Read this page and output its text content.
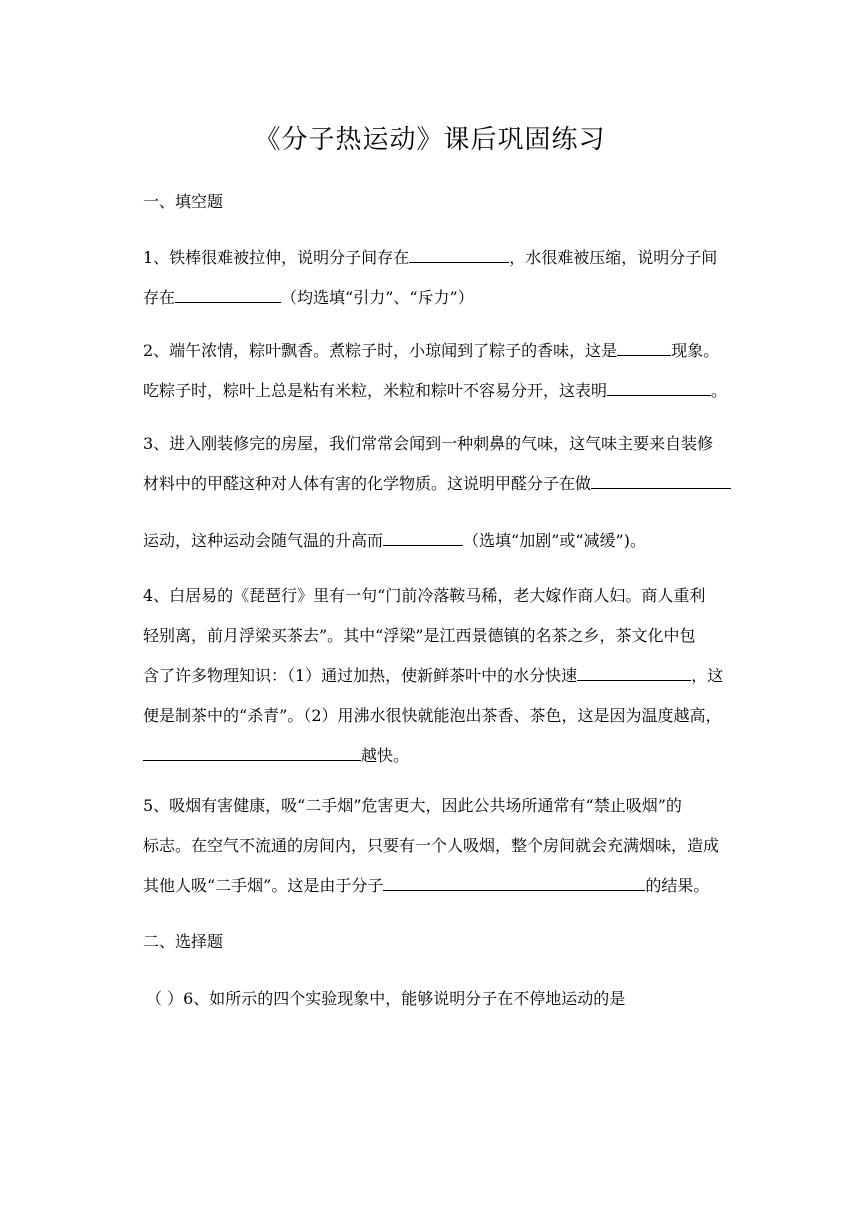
《分子热运动》课后巩固练习
一、填空题
1、铁棒很难被拉伸，说明分子间存在	，水很难被压缩，说明分子间
存在	（均选填“引力”、“斥力”）
2、端午浓情，粽叶飘香。煮粽子时，小琼闻到了粽子的香味，这是	现象。
吃粽子时，粽叶上总是粘有米粒，米粒和粽叶不容易分开，这表明	。
3、进入刚装修完的房屋，我们常常会闻到一种刺鼻的气味，这气味主要来自装修
材料中的甲醛这种对人体有害的化学物质。这说明甲醛分子在做
运动，这种运动会随气温的升高而	（选填“加剧”或“减缓”)。
4、白居易的《琵琶行》里有一句“门前冷落鞍马稀，老大嫁作商人妇。商人重利
轻别离，前月浮梁买茶去”。其中“浮梁”是江西景德镇的名茶之乡，茶文化中包
含了许多物理知识：（1）通过加热，使新鲜茶叶中的水分快速	，这
便是制茶中的“杀青”。（2）用沸水很快就能泡出茶香、茶色，这是因为温度越高，
越快。
5、吸烟有害健康，吸“二手烟”危害更大，因此公共场所通常有“禁止吸烟”的
标志。在空气不流通的房间内，只要有一个人吸烟，整个房间就会充满烟味，造成
其他人吸“二手烟”。这是由于分子	的结果。
二、选择题
（ ）6、如所示的四个实验现象中，能够说明分子在不停地运动的是
